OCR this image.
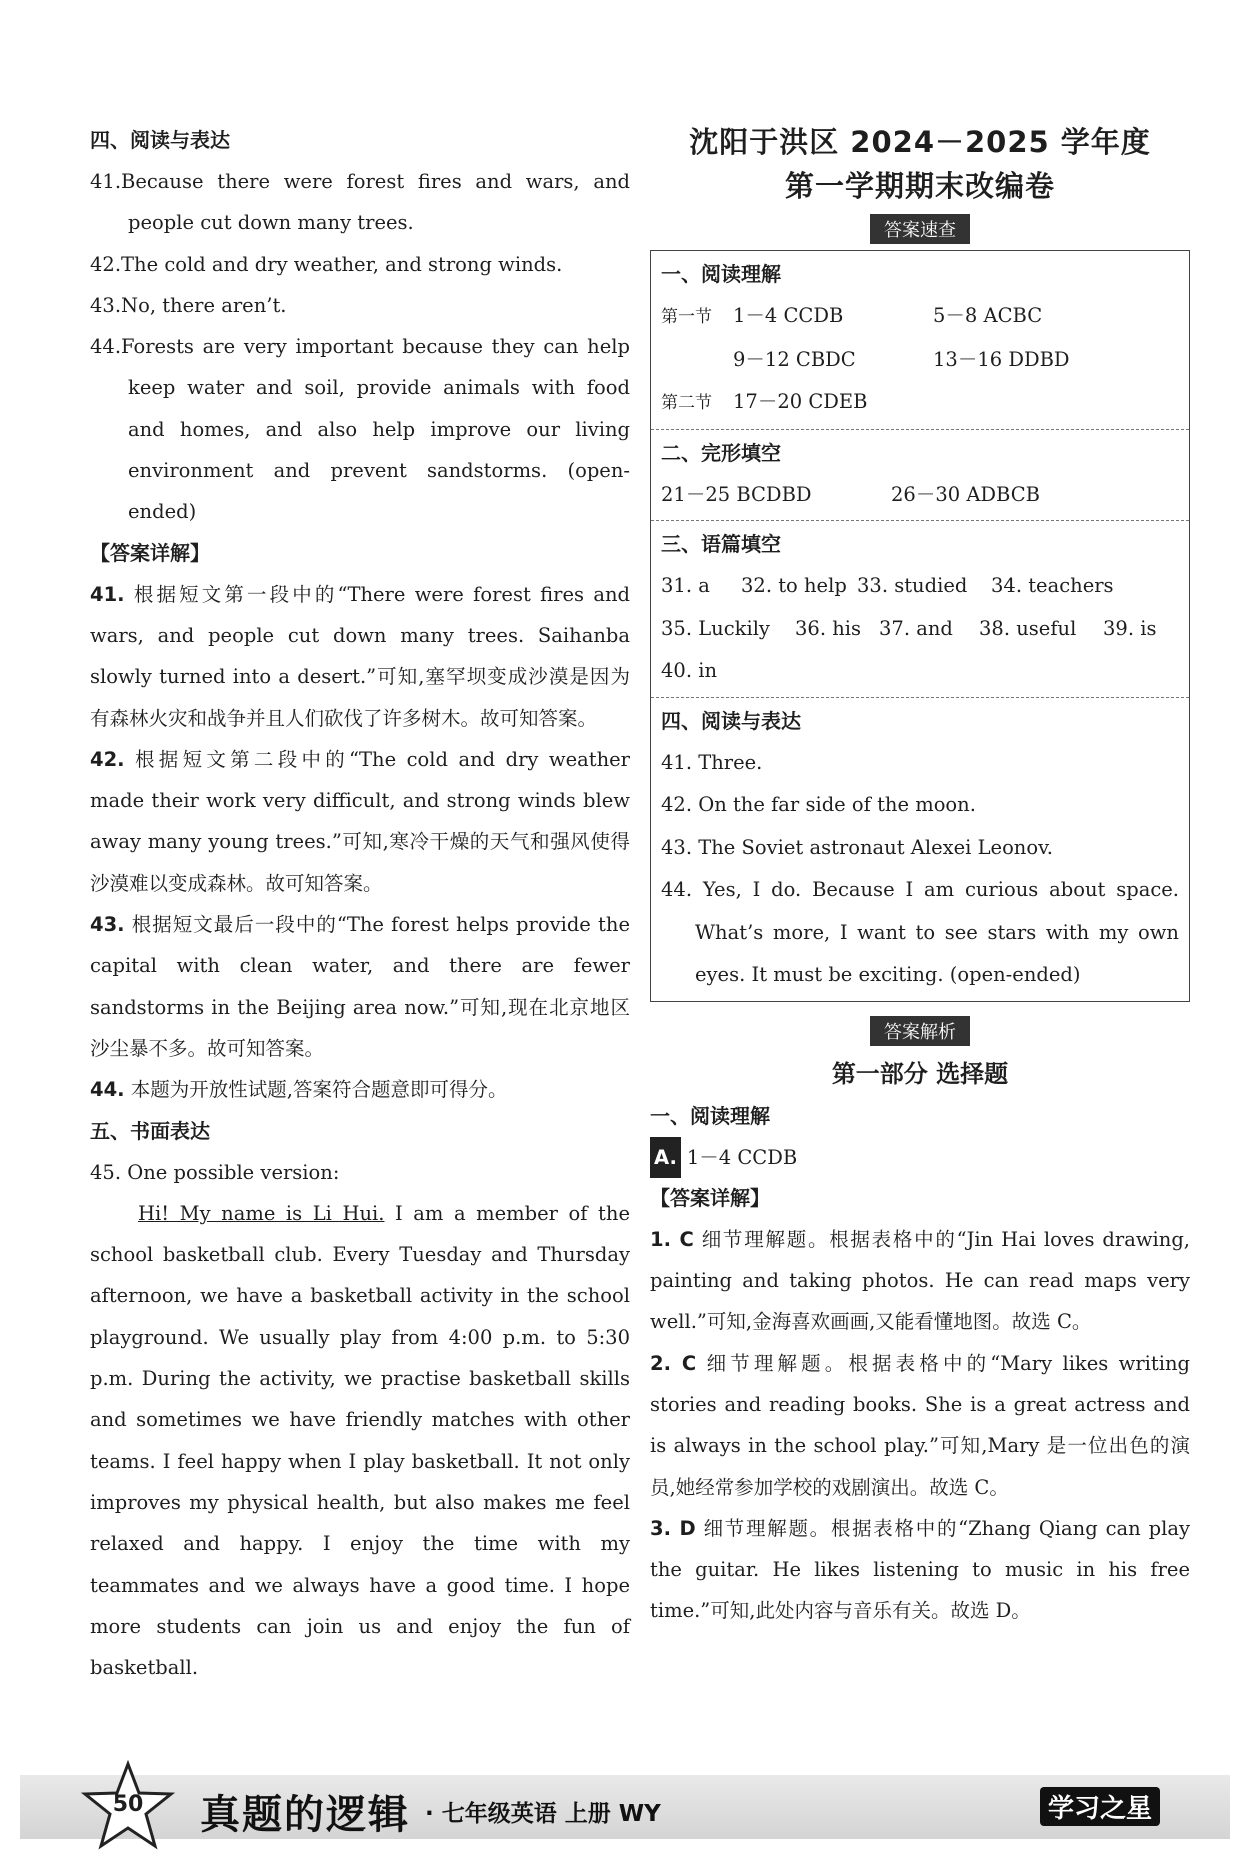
四、阅读与表达
41.Because there were forest fires and wars, and people cut down many trees.
42.The cold and dry weather, and strong winds.
43.No, there aren’t.
44.Forests are very important because they can help keep water and soil, provide animals with food and homes, and also help improve our living environment and prevent sandstorms. (open-ended)
【答案详解】
41. 根据短文第一段中的“There were forest fires and wars, and people cut down many trees. Saihanba slowly turned into a desert.”可知,塞罕坝变成沙漠是因为有森林火灾和战争并且人们砍伐了许多树木。故可知答案。
42. 根据短文第二段中的“The cold and dry weather made their work very difficult, and strong winds blew away many young trees.”可知,寒冷干燥的天气和强风使得沙漠难以变成森林。故可知答案。
43. 根据短文最后一段中的“The forest helps provide the capital with clean water, and there are fewer sandstorms in the Beijing area now.”可知,现在北京地区沙尘暴不多。故可知答案。
44. 本题为开放性试题,答案符合题意即可得分。
五、书面表达
45. One possible version:
Hi! My name is Li Hui. I am a member of the school basketball club. Every Tuesday and Thursday afternoon, we have a basketball activity in the school playground. We usually play from 4:00 p.m. to 5:30 p.m. During the activity, we practise basketball skills and sometimes we have friendly matches with other teams. I feel happy when I play basketball. It not only improves my physical health, but also makes me feel relaxed and happy. I enjoy the time with my teammates and we always have a good time. I hope more students can join us and enjoy the fun of basketball.
沈阳于洪区 2024－2025 学年度
第一学期期末改编卷
答案速查
一、阅读理解
第一节 1－4 CCDB	5－8 ACBC
9－12 CBDC	13－16 DDBD
第二节 17－20 CDEB
二、完形填空
21－25 BCDBD	26－30 ADBCB
三、语篇填空
31. a 32. to help 33. studied 34. teachers
35. Luckily 36. his 37. and 38. useful 39. is
40. in
四、阅读与表达
41. Three.
42. On the far side of the moon.
43. The Soviet astronaut Alexei Leonov.
44. Yes, I do. Because I am curious about space. What’s more, I want to see stars with my own eyes. It must be exciting. (open-ended)
答案解析
第一部分 选择题
一、阅读理解
A. 1－4 CCDB
【答案详解】
1. C 细节理解题。根据表格中的“Jin Hai loves drawing, painting and taking photos. He can read maps very well.”可知,金海喜欢画画,又能看懂地图。故选 C。
2. C 细节理解题。根据表格中的“Mary likes writing stories and reading books. She is a great actress and is always in the school play.”可知,Mary 是一位出色的演员,她经常参加学校的戏剧演出。故选 C。
3. D 细节理解题。根据表格中的“Zhang Qiang can play the guitar. He likes listening to music in his free time.”可知,此处内容与音乐有关。故选 D。
50	真题的逻辑 · 七年级英语 上册 WY	学习之星
